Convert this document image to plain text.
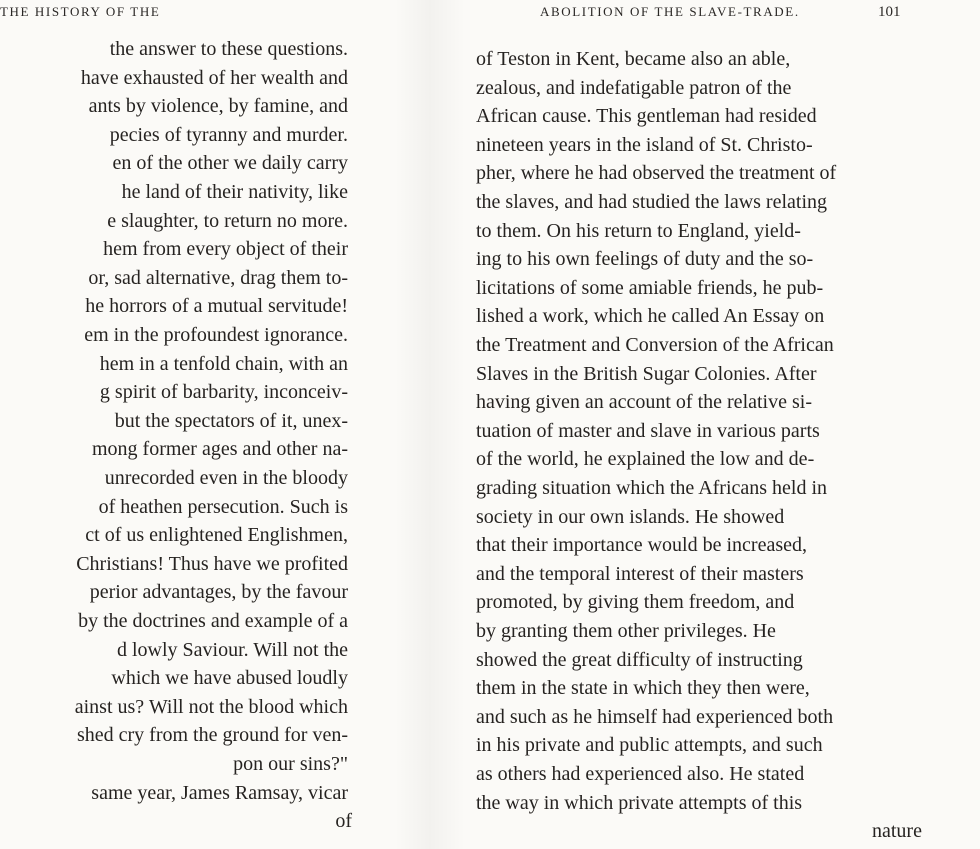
THE HISTORY OF THE
the answer to these questions.
have exhausted of her wealth and
ants by violence, by famine, and
pecies of tyranny and murder.
en of the other we daily carry
he land of their nativity, like
e slaughter, to return no more.
hem from every object of their
or, sad alternative, drag them to-
he horrors of a mutual servitude!
em in the profoundest ignorance.
hem in a tenfold chain, with an
g spirit of barbarity, inconceiv-
but the spectators of it, unex-
mong former ages and other na-
unrecorded even in the bloody
of heathen persecution. Such is
ct of us enlightened Englishmen,
Christians! Thus have we profited
perior advantages, by the favour
by the doctrines and example of a
d lowly Saviour. Will not the
which we have abused loudly
ainst us? Will not the blood which
shed cry from the ground for ven-
pon our sins?"
same year, James Ramsay, vicar
of
ABOLITION OF THE SLAVE-TRADE.	101
of Teston in Kent, became also an able,
zealous, and indefatigable patron of the
African cause. This gentleman had resided
nineteen years in the island of St. Christo-
pher, where he had observed the treatment of
the slaves, and had studied the laws relating
to them. On his return to England, yield-
ing to his own feelings of duty and the so-
licitations of some amiable friends, he pub-
lished a work, which he called An Essay on
the Treatment and Conversion of the African
Slaves in the British Sugar Colonies. After
having given an account of the relative si-
tuation of master and slave in various parts
of the world, he explained the low and de-
grading situation which the Africans held in
society in our own islands. He showed
that their importance would be increased,
and the temporal interest of their masters
promoted, by giving them freedom, and
by granting them other privileges. He
showed the great difficulty of instructing
them in the state in which they then were,
and such as he himself had experienced both
in his private and public attempts, and such
as others had experienced also. He stated
the way in which private attempts of this
nature
